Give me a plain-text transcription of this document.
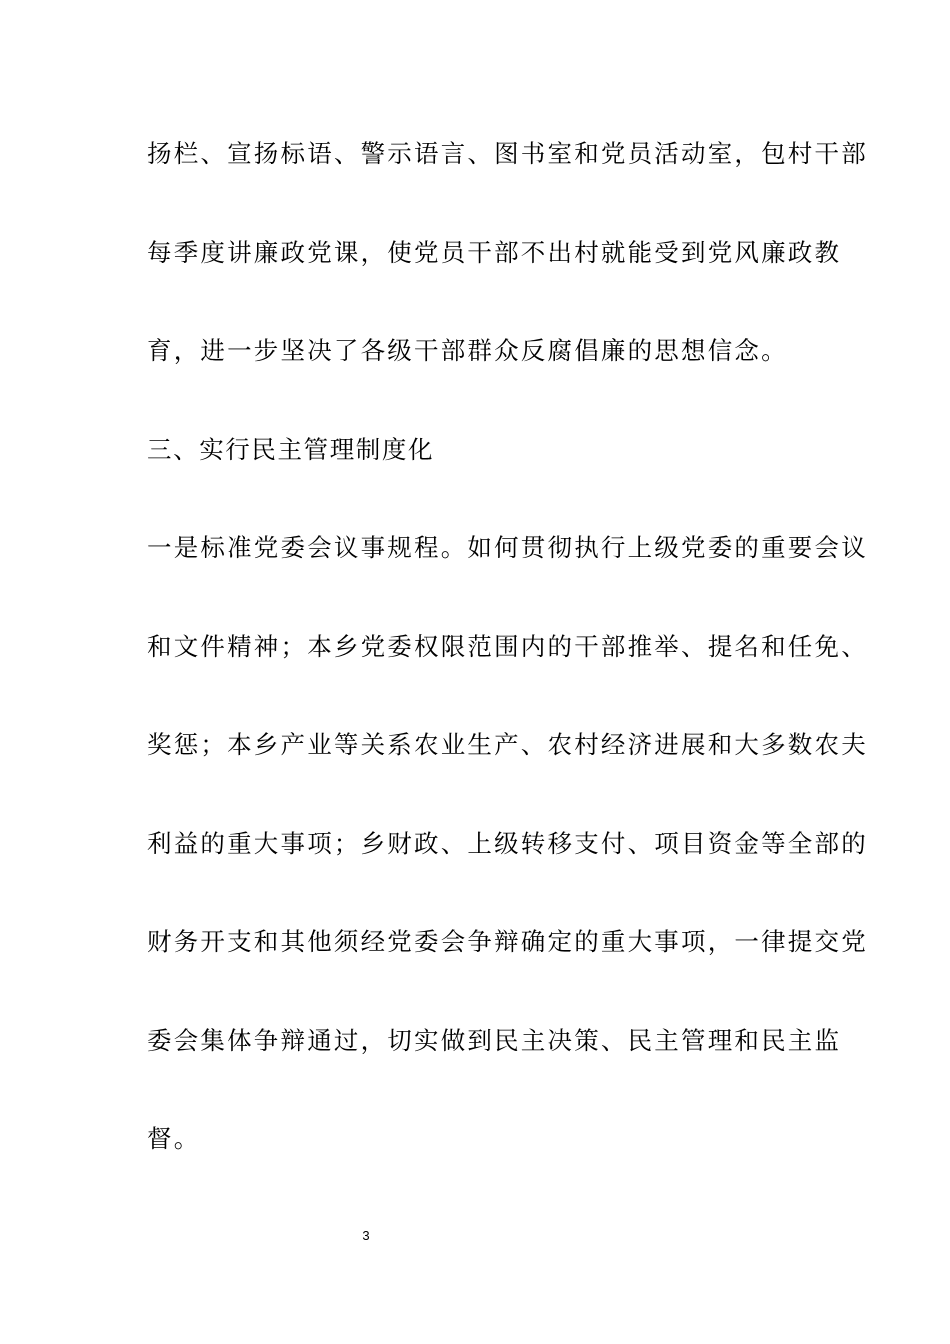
扬栏、宣扬标语、警示语言、图书室和党员活动室，包村干部
每季度讲廉政党课，使党员干部不出村就能受到党风廉政教
育，进一步坚决了各级干部群众反腐倡廉的思想信念。
三、实行民主管理制度化
一是标准党委会议事规程。如何贯彻执行上级党委的重要会议
和文件精神；本乡党委权限范围内的干部推举、提名和任免、
奖惩；本乡产业等关系农业生产、农村经济进展和大多数农夫
利益的重大事项；乡财政、上级转移支付、项目资金等全部的
财务开支和其他须经党委会争辩确定的重大事项，一律提交党
委会集体争辩通过，切实做到民主决策、民主管理和民主监
督。
3
